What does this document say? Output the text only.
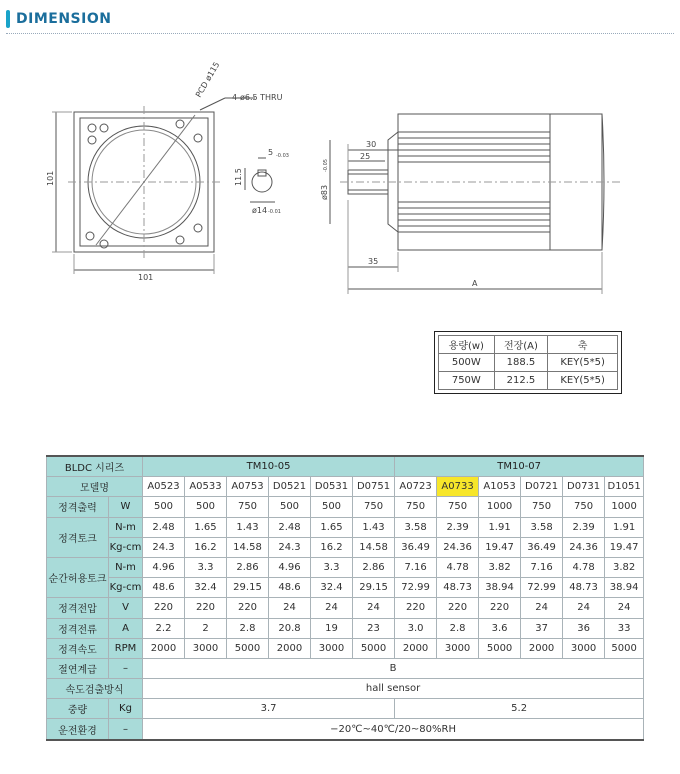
DIMENSION
PCD ø115 4-ø6.5 THRU
101
101
5 -0.03
11.5
ø14 -0.01
30
25
ø83
-0.05
35
A
용량(w)	전장(A)	축
500W	188.5	KEY(5*5)
750W	212.5	KEY(5*5)
BLDC 시리즈		TM10-05						TM10-07					
모델명		A0523	A0533	A0753	D0521	D0531	D0751	A0723	A0733	A1053	D0721	D0731	D1051
정격출력	W	500	500	750	500	500	750	750	750	1000	750	750	1000
정격토크	N-m	2.48	1.65	1.43	2.48	1.65	1.43	3.58	2.39	1.91	3.58	2.39	1.91
	Kg-cm	24.3	16.2	14.58	24.3	16.2	14.58	36.49	24.36	19.47	36.49	24.36	19.47
순간허용토크	N-m	4.96	3.3	2.86	4.96	3.3	2.86	7.16	4.78	3.82	7.16	4.78	3.82
	Kg-cm	48.6	32.4	29.15	48.6	32.4	29.15	72.99	48.73	38.94	72.99	48.73	38.94
정격전압	V	220	220	220	24	24	24	220	220	220	24	24	24
정격전류	A	2.2	2	2.8	20.8	19	23	3.0	2.8	3.6	37	36	33
정격속도	RPM	2000	3000	5000	2000	3000	5000	2000	3000	5000	2000	3000	5000
절연계급	–	B											
속도검출방식		hall sensor											
중량	Kg	3.7						5.2					
운전환경	–	−20℃~40℃/20~80%RH											
